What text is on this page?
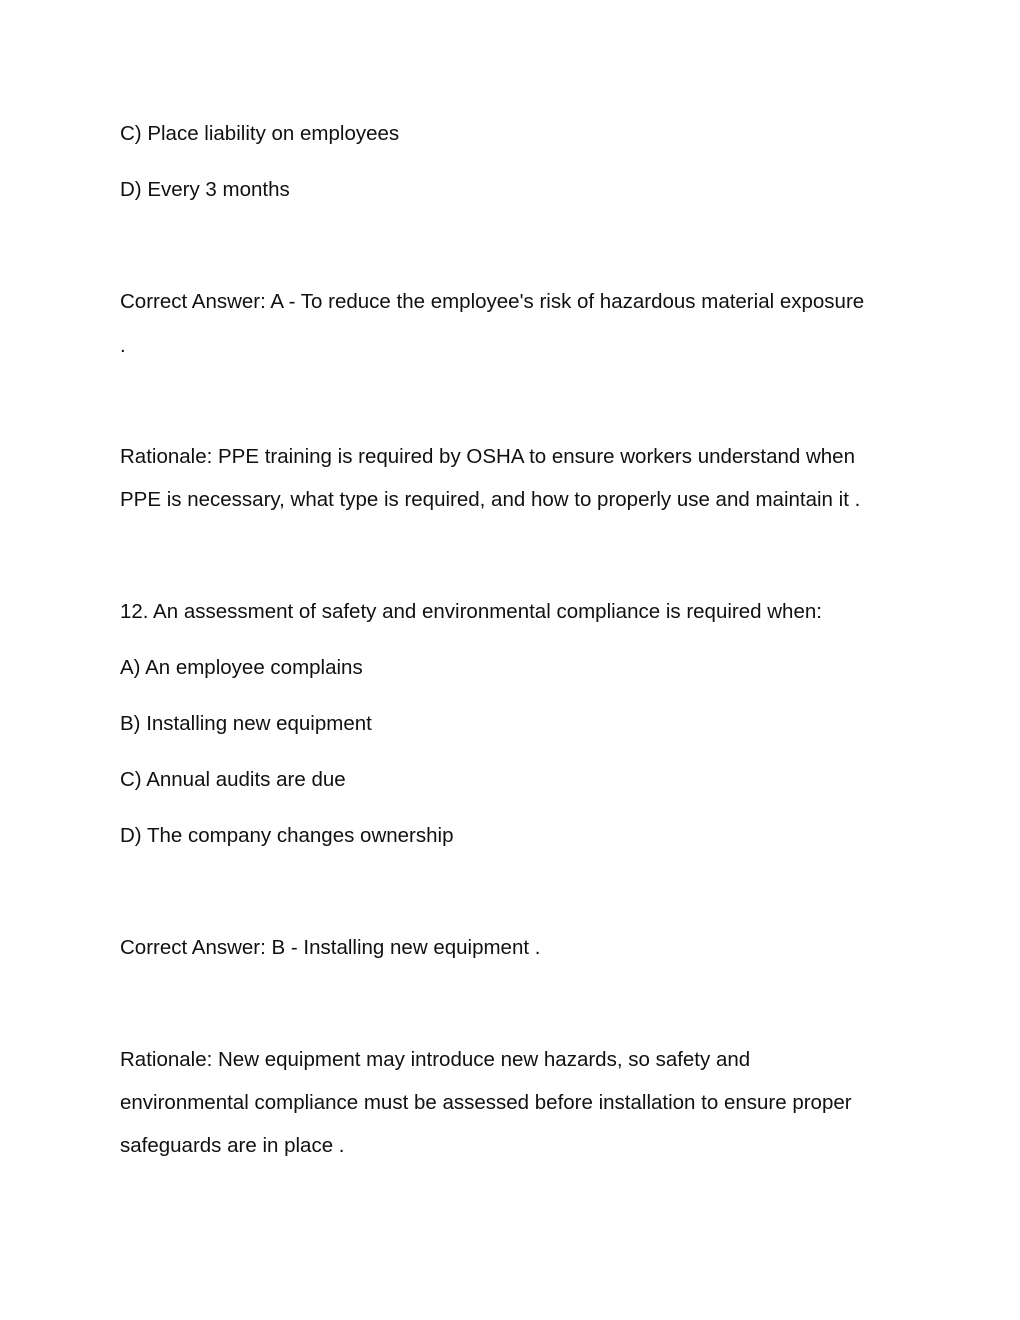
C) Place liability on employees
D) Every 3 months
Correct Answer: A - To reduce the employee's risk of hazardous material exposure
.
Rationale: PPE training is required by OSHA to ensure workers understand when
PPE is necessary, what type is required, and how to properly use and maintain it .
12. An assessment of safety and environmental compliance is required when:
A) An employee complains
B) Installing new equipment
C) Annual audits are due
D) The company changes ownership
Correct Answer: B - Installing new equipment .
Rationale: New equipment may introduce new hazards, so safety and
environmental compliance must be assessed before installation to ensure proper
safeguards are in place .
